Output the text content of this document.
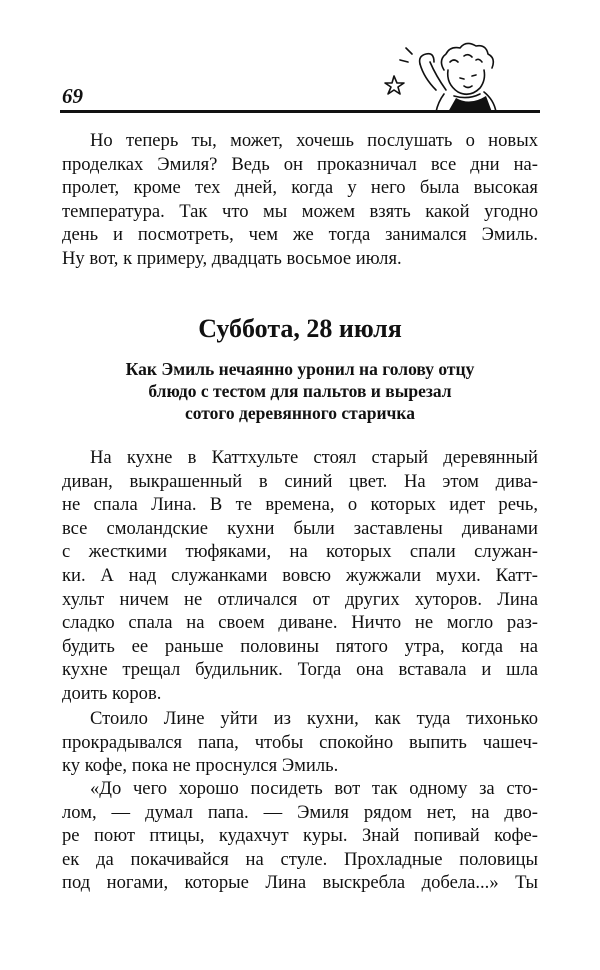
69

Но теперь ты, может, хочешь послушать о новых
проделках Эмиля? Ведь он проказничал все дни на-
пролет, кроме тех дней, когда у него была высокая
температура. Так что мы можем взять какой угодно
день и посмотреть, чем же тогда занимался Эмиль.
Ну вот, к примеру, двадцать восьмое июля.

Суббота, 28 июля
Как Эмиль нечаянно уронил на голову отцу
блюдо с тестом для пальтов и вырезал
сотого деревянного старичка

На кухне в Каттхульте стоял старый деревянный
диван, выкрашенный в синий цвет. На этом дива-
не спала Лина. В те времена, о которых идет речь,
все смоландские кухни были заставлены диванами
с жесткими тюфяками, на которых спали служан-
ки. А над служанками вовсю жужжали мухи. Катт-
хульт ничем не отличался от других хуторов. Лина
сладко спала на своем диване. Ничто не могло раз-
будить ее раньше половины пятого утра, когда на
кухне трещал будильник. Тогда она вставала и шла
доить коров.

Стоило Лине уйти из кухни, как туда тихонько
прокрадывался папа, чтобы спокойно выпить чашеч-
ку кофе, пока не проснулся Эмиль.

«До чего хорошо посидеть вот так одному за сто-
лом, — думал папа. — Эмиля рядом нет, на дво-
ре поют птицы, кудахчут куры. Знай попивай кофе-
ек да покачивайся на стуле. Прохладные половицы
под ногами, которые Лина выскребла добела...» Ты
